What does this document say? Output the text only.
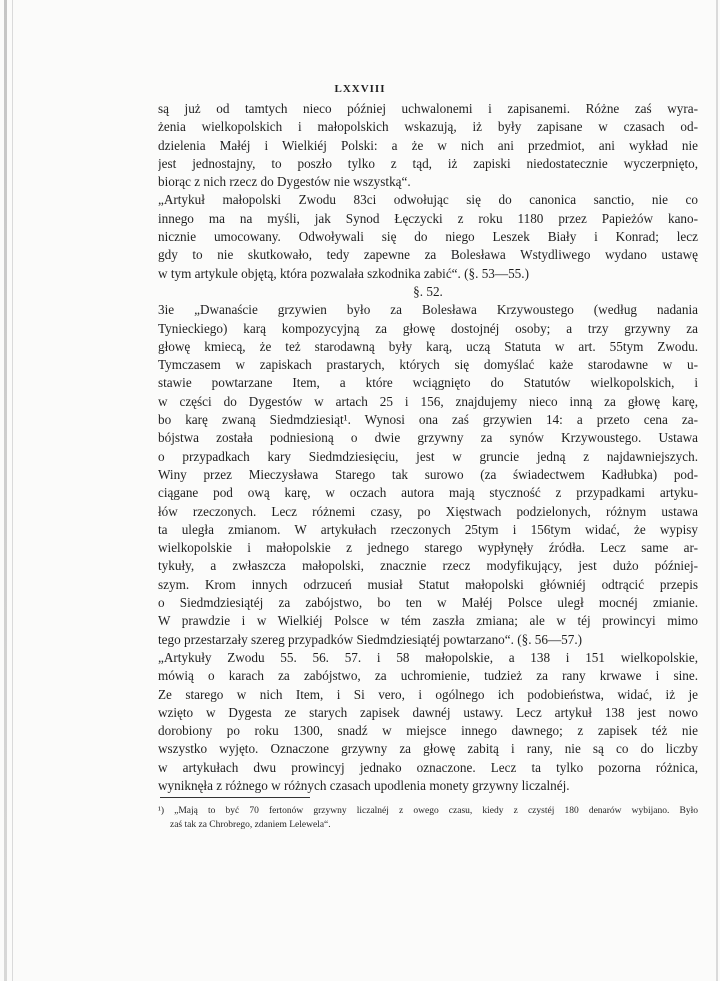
LXXVIII
są już od tamtych nieco później uchwalonemi i zapisanemi. Różne zaś wyra-
żenia wielkopolskich i małopolskich wskazują, iż były zapisane w czasach od-
dzielenia Małéj i Wielkiéj Polski: a że w nich ani przedmiot, ani wykład nie
jest jednostajny, to poszło tylko z tąd, iż zapiski niedostatecznie wyczerpnięto,
biorąc z nich rzecz do Dygestów nie wszystką“.
„Artykuł małopolski Zwodu 83ci odwołując się do canonica sanctio, nie co
innego ma na myśli, jak Synod Łęczycki z roku 1180 przez Papieżów kano-
nicznie umocowany. Odwoływali się do niego Leszek Biały i Konrad; lecz
gdy to nie skutkowało, tedy zapewne za Bolesława Wstydliwego wydano ustawę
w tym artykule objętą, która pozwalała szkodnika zabić“. (§. 53—55.)
§. 52.
3ie „Dwanaście grzywien było za Bolesława Krzywoustego (według nadania
Tynieckiego) karą kompozycyjną za głowę dostojnéj osoby; a trzy grzywny za
głowę kmiecą, że też starodawną były karą, uczą Statuta w art. 55tym Zwodu.
Tymczasem w zapiskach prastarych, których się domyślać każe starodawne w u-
stawie powtarzane Item, a które wciągnięto do Statutów wielkopolskich, i
w części do Dygestów w artach 25 i 156, znajdujemy nieco inną za głowę karę,
bo karę zwaną Siedmdziesiąt¹. Wynosi ona zaś grzywien 14: a przeto cena za-
bójstwa została podniesioną o dwie grzywny za synów Krzywoustego. Ustawa
o przypadkach kary Siedmdziesięciu, jest w gruncie jedną z najdawniejszych.
Winy przez Mieczysława Starego tak surowo (za świadectwem Kadłubka) pod-
ciągane pod ową karę, w oczach autora mają styczność z przypadkami artyku-
łów rzeczonych. Lecz różnemi czasy, po Xięstwach podzielonych, różnym ustawa
ta uległa zmianom. W artykułach rzeczonych 25tym i 156tym widać, że wypisy
wielkopolskie i małopolskie z jednego starego wypłynęły źródła. Lecz same ar-
tykuły, a zwłaszcza małopolski, znacznie rzecz modyfikujący, jest dużo później-
szym. Krom innych odrzuceń musiał Statut małopolski główniéj odtrącić przepis
o Siedmdziesiątéj za zabójstwo, bo ten w Małéj Polsce uległ mocnéj zmianie.
W prawdzie i w Wielkiéj Polsce w tém zaszła zmiana; ale w téj prowincyi mimo
tego przestarzały szereg przypadków Siedmdziesiątéj powtarzano“. (§. 56—57.)
„Artykuły Zwodu 55. 56. 57. i 58 małopolskie, a 138 i 151 wielkopolskie,
mówią o karach za zabójstwo, za uchromienie, tudzież za rany krwawe i sine.
Ze starego w nich Item, i Si vero, i ogólnego ich podobieństwa, widać, iż je
wzięto w Dygesta ze starych zapisek dawnéj ustawy. Lecz artykuł 138 jest nowo
dorobiony po roku 1300, snadź w miejsce innego dawnego; z zapisek téż nie
wszystko wyjęto. Oznaczone grzywny za głowę zabitą i rany, nie są co do liczby
w artykułach dwu prowincyj jednako oznaczone. Lecz ta tylko pozorna różnica,
wyniknęła z różnego w różnych czasach upodlenia monety grzywny liczalnéj.
¹) „Mają to być 70 fertonów grzywny liczalnéj z owego czasu, kiedy z czystéj 180 denarów wybijano. Było
zaś tak za Chrobrego, zdaniem Lelewela“.
